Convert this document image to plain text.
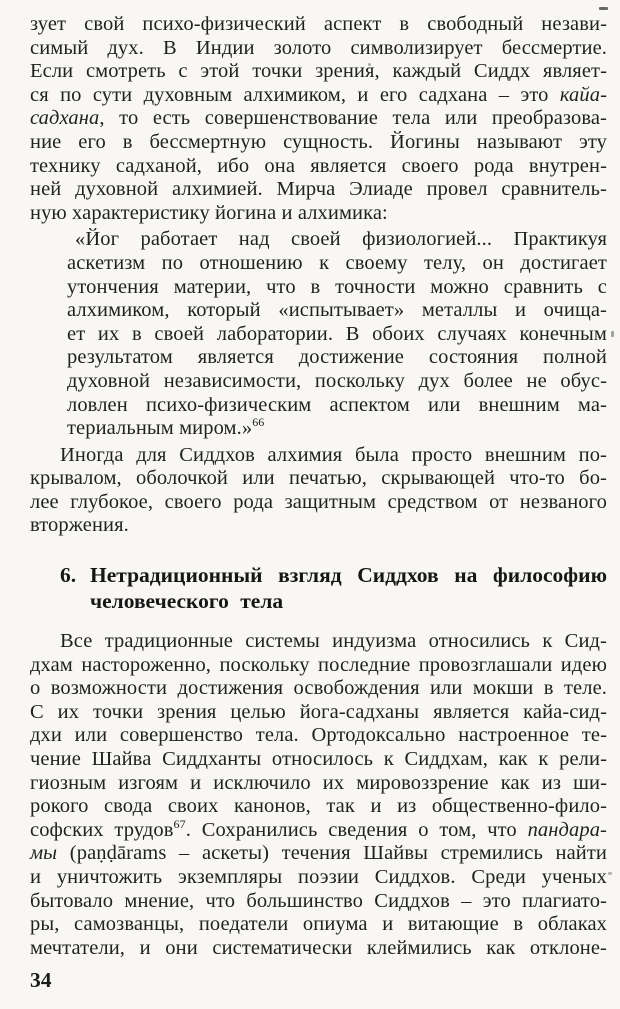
зует свой психо-физический аспект в свободный незави-
симый дух. В Индии золото символизирует бессмертие.
Если смотреть с этой точки зрения, каждый Сиддх являет-
ся по сути духовным алхимиком, и его садхана – это кайа-
садхана, то есть совершенствование тела или преобразова-
ние его в бессмертную сущность. Йогины называют эту
технику садханой, ибо она является своего рода внутрен-
ней духовной алхимией. Мирча Элиаде провел сравнитель-
ную характеристику йогина и алхимика:
«Йог работает над своей физиологией... Практикуя
аскетизм по отношению к своему телу, он достигает
утончения материи, что в точности можно сравнить с
алхимиком, который «испытывает» металлы и очища-
ет их в своей лаборатории. В обоих случаях конечным
результатом является достижение состояния полной
духовной независимости, поскольку дух более не обус-
ловлен психо-физическим аспектом или внешним ма-
териальным миром.»$^{66}$
Иногда для Сиддхов алхимия была просто внешним по-
крывалом, оболочкой или печатью, скрывающей что-то бо-
лее глубокое, своего рода защитным средством от незваного
вторжения.
6. Нетрадиционный взгляд Сиддхов на философию
человеческого тела
Все традиционные системы индуизма относились к Сид-
дхам настороженно, поскольку последние провозглашали идею
о возможности достижения освобождения или мокши в теле.
С их точки зрения целью йога-садханы является кайа-сид-
дхи или совершенство тела. Ортодоксально настроенное те-
чение Шайва Сиддханты относилось к Сиддхам, как к рели-
гиозным изгоям и исключило их мировоззрение как из ши-
рокого свода своих канонов, так и из общественно-фило-
софских трудов$^{67}$. Сохранились сведения о том, что пандара-
мы (paṇḍārams – аскеты) течения Шайвы стремились найти
и уничтожить экземпляры поэзии Сиддхов. Среди ученых
бытовало мнение, что большинство Сиддхов – это плагиато-
ры, самозванцы, поедатели опиума и витающие в облаках
мечтатели, и они систематически клеймились как отклоне-
34
